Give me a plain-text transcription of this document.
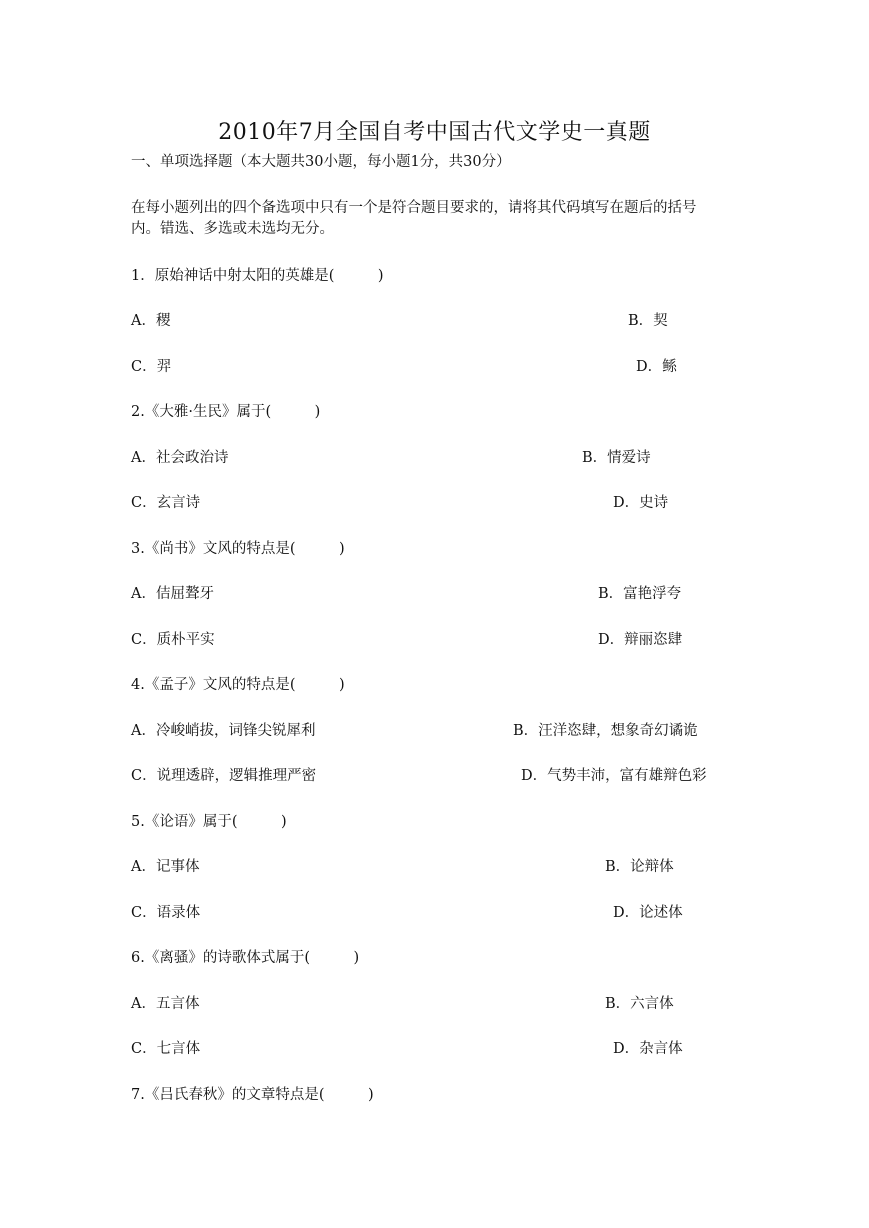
2010年7月全国自考中国古代文学史一真题
一、单项选择题（本大题共30小题，每小题1分，共30分）
在每小题列出的四个备选项中只有一个是符合题目要求的，请将其代码填写在题后的括号
内。错选、多选或未选均无分。
1．原始神话中射太阳的英雄是(　　　)
A．稷	B．契
C．羿	D．鲧
2.《大雅·生民》属于(　　　)
A．社会政治诗	B．情爱诗
C．玄言诗	D．史诗
3.《尚书》文风的特点是(　　　)
A．佶屈聱牙	B．富艳浮夸
C．质朴平实	D．辩丽恣肆
4.《孟子》文风的特点是(　　　)
A．冷峻峭拔，词锋尖锐犀利	B．汪洋恣肆，想象奇幻谲诡
C．说理透辟，逻辑推理严密	D．气势丰沛，富有雄辩色彩
5.《论语》属于(　　　)
A．记事体	B．论辩体
C．语录体	D．论述体
6.《离骚》的诗歌体式属于(　　　)
A．五言体	B．六言体
C．七言体	D．杂言体
7.《吕氏春秋》的文章特点是(　　　)
